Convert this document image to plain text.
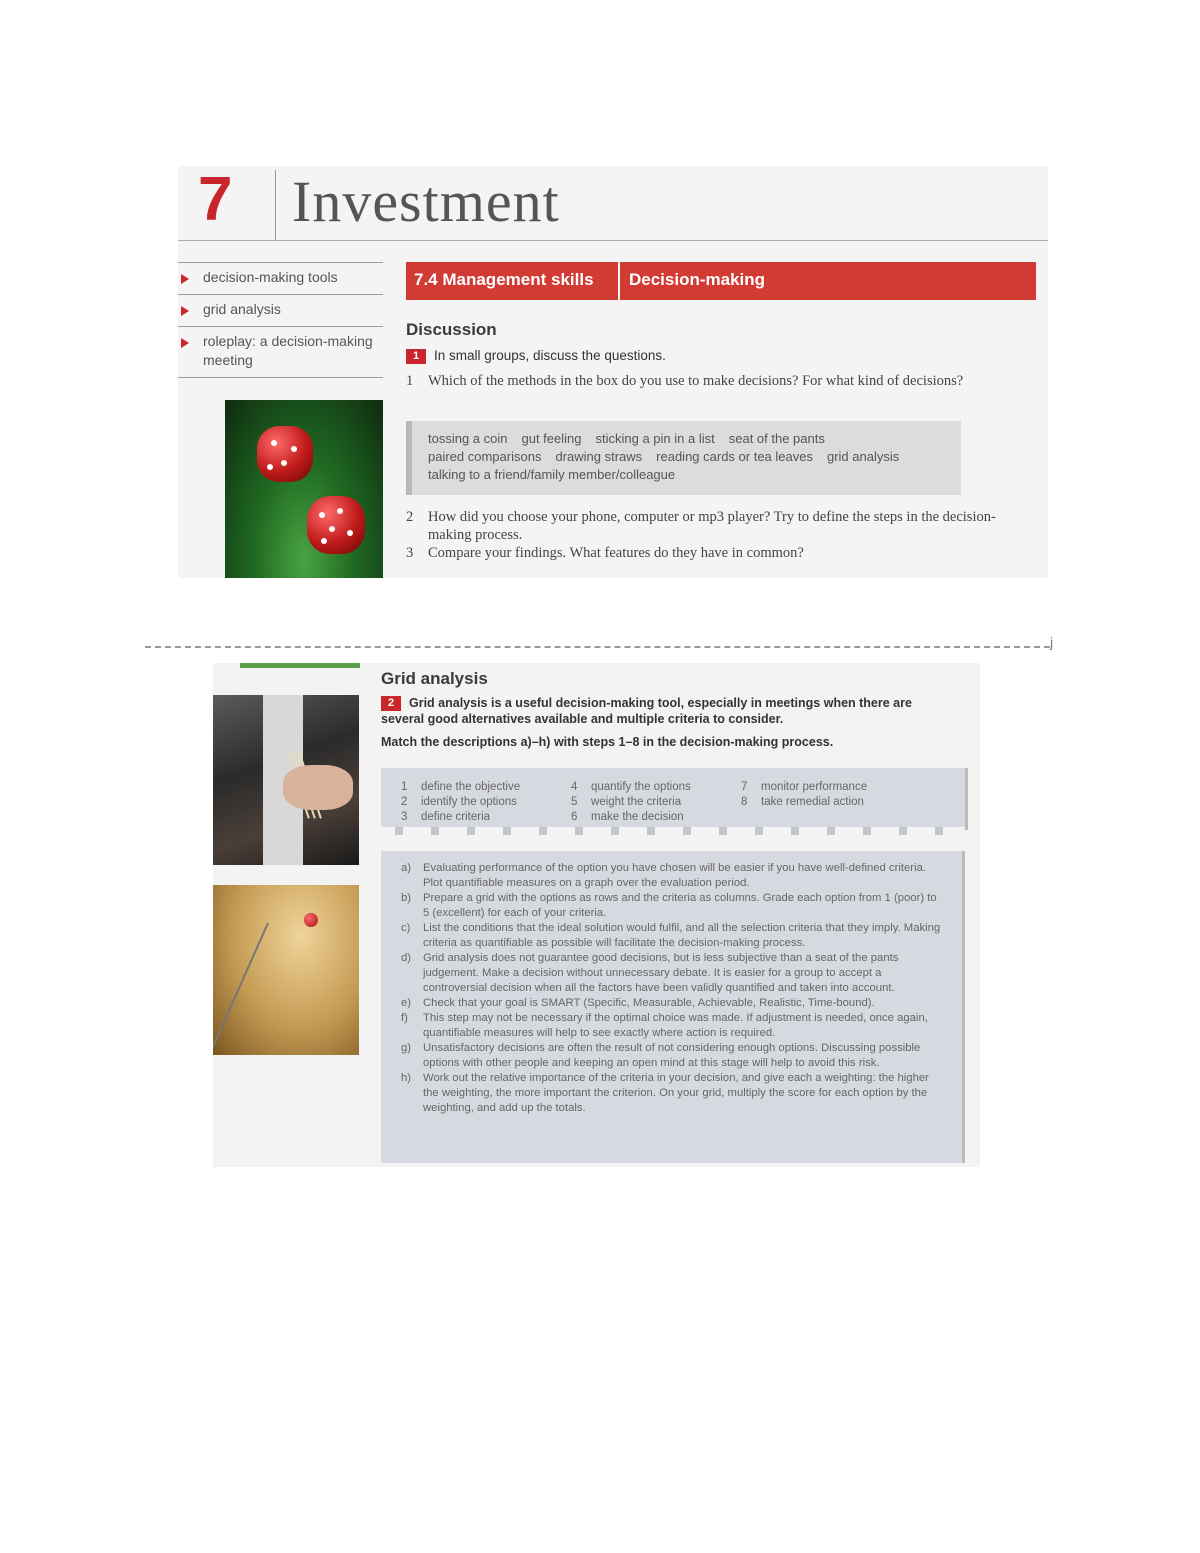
7 Investment
decision-making tools
grid analysis
roleplay: a decision-making meeting
7.4 Management skills Decision-making
Discussion
1 In small groups, discuss the questions.
1	Which of the methods in the box do you use to make decisions? For what kind of decisions?
tossing a coin gut feeling sticking a pin in a list seat of the pants
paired comparisons drawing straws reading cards or tea leaves grid analysis
talking to a friend/family member/colleague
2	How did you choose your phone, computer or mp3 player? Try to define the steps in the decision-making process.
3	Compare your findings. What features do they have in common?
j
Grid analysis
2 Grid analysis is a useful decision-making tool, especially in meetings when there are several good alternatives available and multiple criteria to consider.
Match the descriptions a)–h) with steps 1–8 in the decision-making process.
1 define the objective
2 identify the options
3 define criteria
4 quantify the options
5 weight the criteria
6 make the decision
7 monitor performance
8 take remedial action
a) Evaluating performance of the option you have chosen will be easier if you have well-defined criteria. Plot quantifiable measures on a graph over the evaluation period.
b) Prepare a grid with the options as rows and the criteria as columns. Grade each option from 1 (poor) to 5 (excellent) for each of your criteria.
c) List the conditions that the ideal solution would fulfil, and all the selection criteria that they imply. Making criteria as quantifiable as possible will facilitate the decision-making process.
d) Grid analysis does not guarantee good decisions, but is less subjective than a seat of the pants judgement. Make a decision without unnecessary debate. It is easier for a group to accept a controversial decision when all the factors have been validly quantified and taken into account.
e) Check that your goal is SMART (Specific, Measurable, Achievable, Realistic, Time-bound).
f) This step may not be necessary if the optimal choice was made. If adjustment is needed, once again, quantifiable measures will help to see exactly where action is required.
g) Unsatisfactory decisions are often the result of not considering enough options. Discussing possible options with other people and keeping an open mind at this stage will help to avoid this risk.
h) Work out the relative importance of the criteria in your decision, and give each a weighting: the higher the weighting, the more important the criterion. On your grid, multiply the score for each option by the weighting, and add up the totals.
